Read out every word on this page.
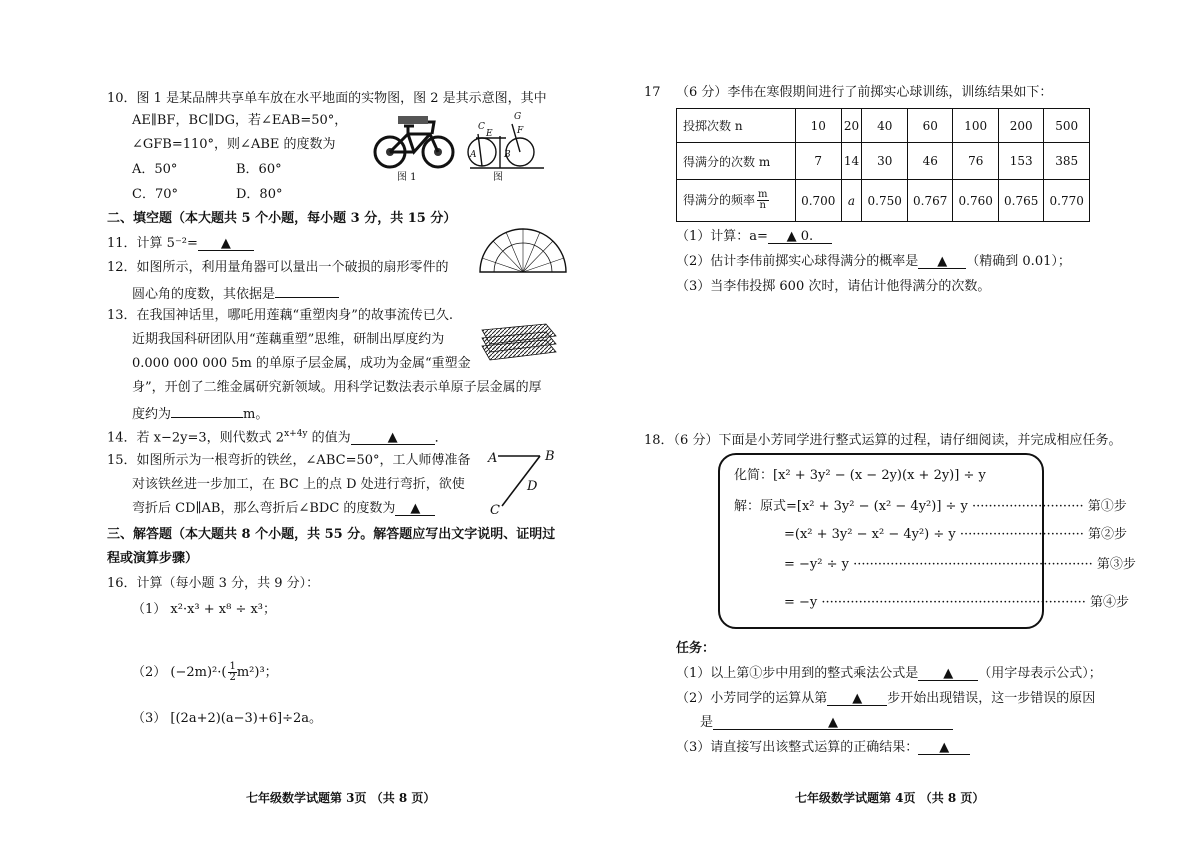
10．图 1 是某品牌共享单车放在水平地面的实物图，图 2 是其示意图，其中
AE∥BF，BC∥DG，若∠EAB=50°，
∠GFB=110°，则∠ABE 的度数为
A．50°	B．60°
C．70°	D．80°
图 1
C
E
G
F
A	B
图
二、填空题（本大题共 5 个小题，每小题 3 分，共 15 分）
11．计算 5⁻²= ▲
12．如图所示，利用量角器可以量出一个破损的扇形零件的
圆心角的度数，其依据是
13．在我国神话里，哪吒用莲藕“重塑肉身”的故事流传已久.
近期我国科研团队用“莲藕重塑”思维，研制出厚度约为
0.000 000 000 5m 的单原子层金属，成功为金属“重塑金
身”，开创了二维金属研究新领域。用科学记数法表示单原子层金属的厚
度约为	m。
14．若 x−2y=3，则代数式 $2^{x+4y}$ 的值为	▲	．
15．如图所示为一根弯折的铁丝，∠ABC=50°，工人师傅准备
对该铁丝进一步加工，在 BC 上的点 D 处进行弯折，欲使
弯折后 CD∥AB，那么弯折后∠BDC 的度数为 ▲
A	B
D
C
三、解答题（本大题共 8 个小题，共 55 分。解答题应写出文字说明、证明过
程或演算步骤）
16．计算（每小题 3 分，共 9 分）：
（1） x²·x³ + x⁸ ÷ x³；
（2） $(-2m)^2\cdot( \frac{1}{2} m^2)^3$；
（3） [(2a+2)(a−3)+6]÷2a。
七年级数学试题第 3页 （共 8 页）
17 （6 分）李伟在寒假期间进行了前掷实心球训练，训练结果如下：
投掷次数 n	10	20	40	60	100	200	500
得满分的次数 m	7	14	30	46	76	153	385
得满分的频率 $\frac{m}{n}$	0.700	a	0.750	0.767	0.760	0.765	0.770
（1）计算：a= ▲ 0.
（2）估计李伟前掷实心球得满分的概率是 ▲ （精确到 0.01）；
（3）当李伟投掷 600 次时，请估计他得满分的次数。
18．（6 分）下面是小芳同学进行整式运算的过程，请仔细阅读，并完成相应任务。
化简：[x² + 3y² − (x − 2y)(x + 2y)] ÷ y
解：原式=[x² + 3y² − (x² − 4y²)] ÷ y ··························· 第①步
=(x² + 3y² − x² − 4y²) ÷ y ······························ 第②步
= −y² ÷ y ·························································· 第③步
= −y ································································ 第④步
任务：
（1）以上第①步中用到的整式乘法公式是 ▲ （用字母表示公式）；
（2）小芳同学的运算从第 ▲ 步开始出现错误，这一步错误的原因
是	▲
（3）请直接写出该整式运算的正确结果： ▲
七年级数学试题第 4页 （共 8 页）
